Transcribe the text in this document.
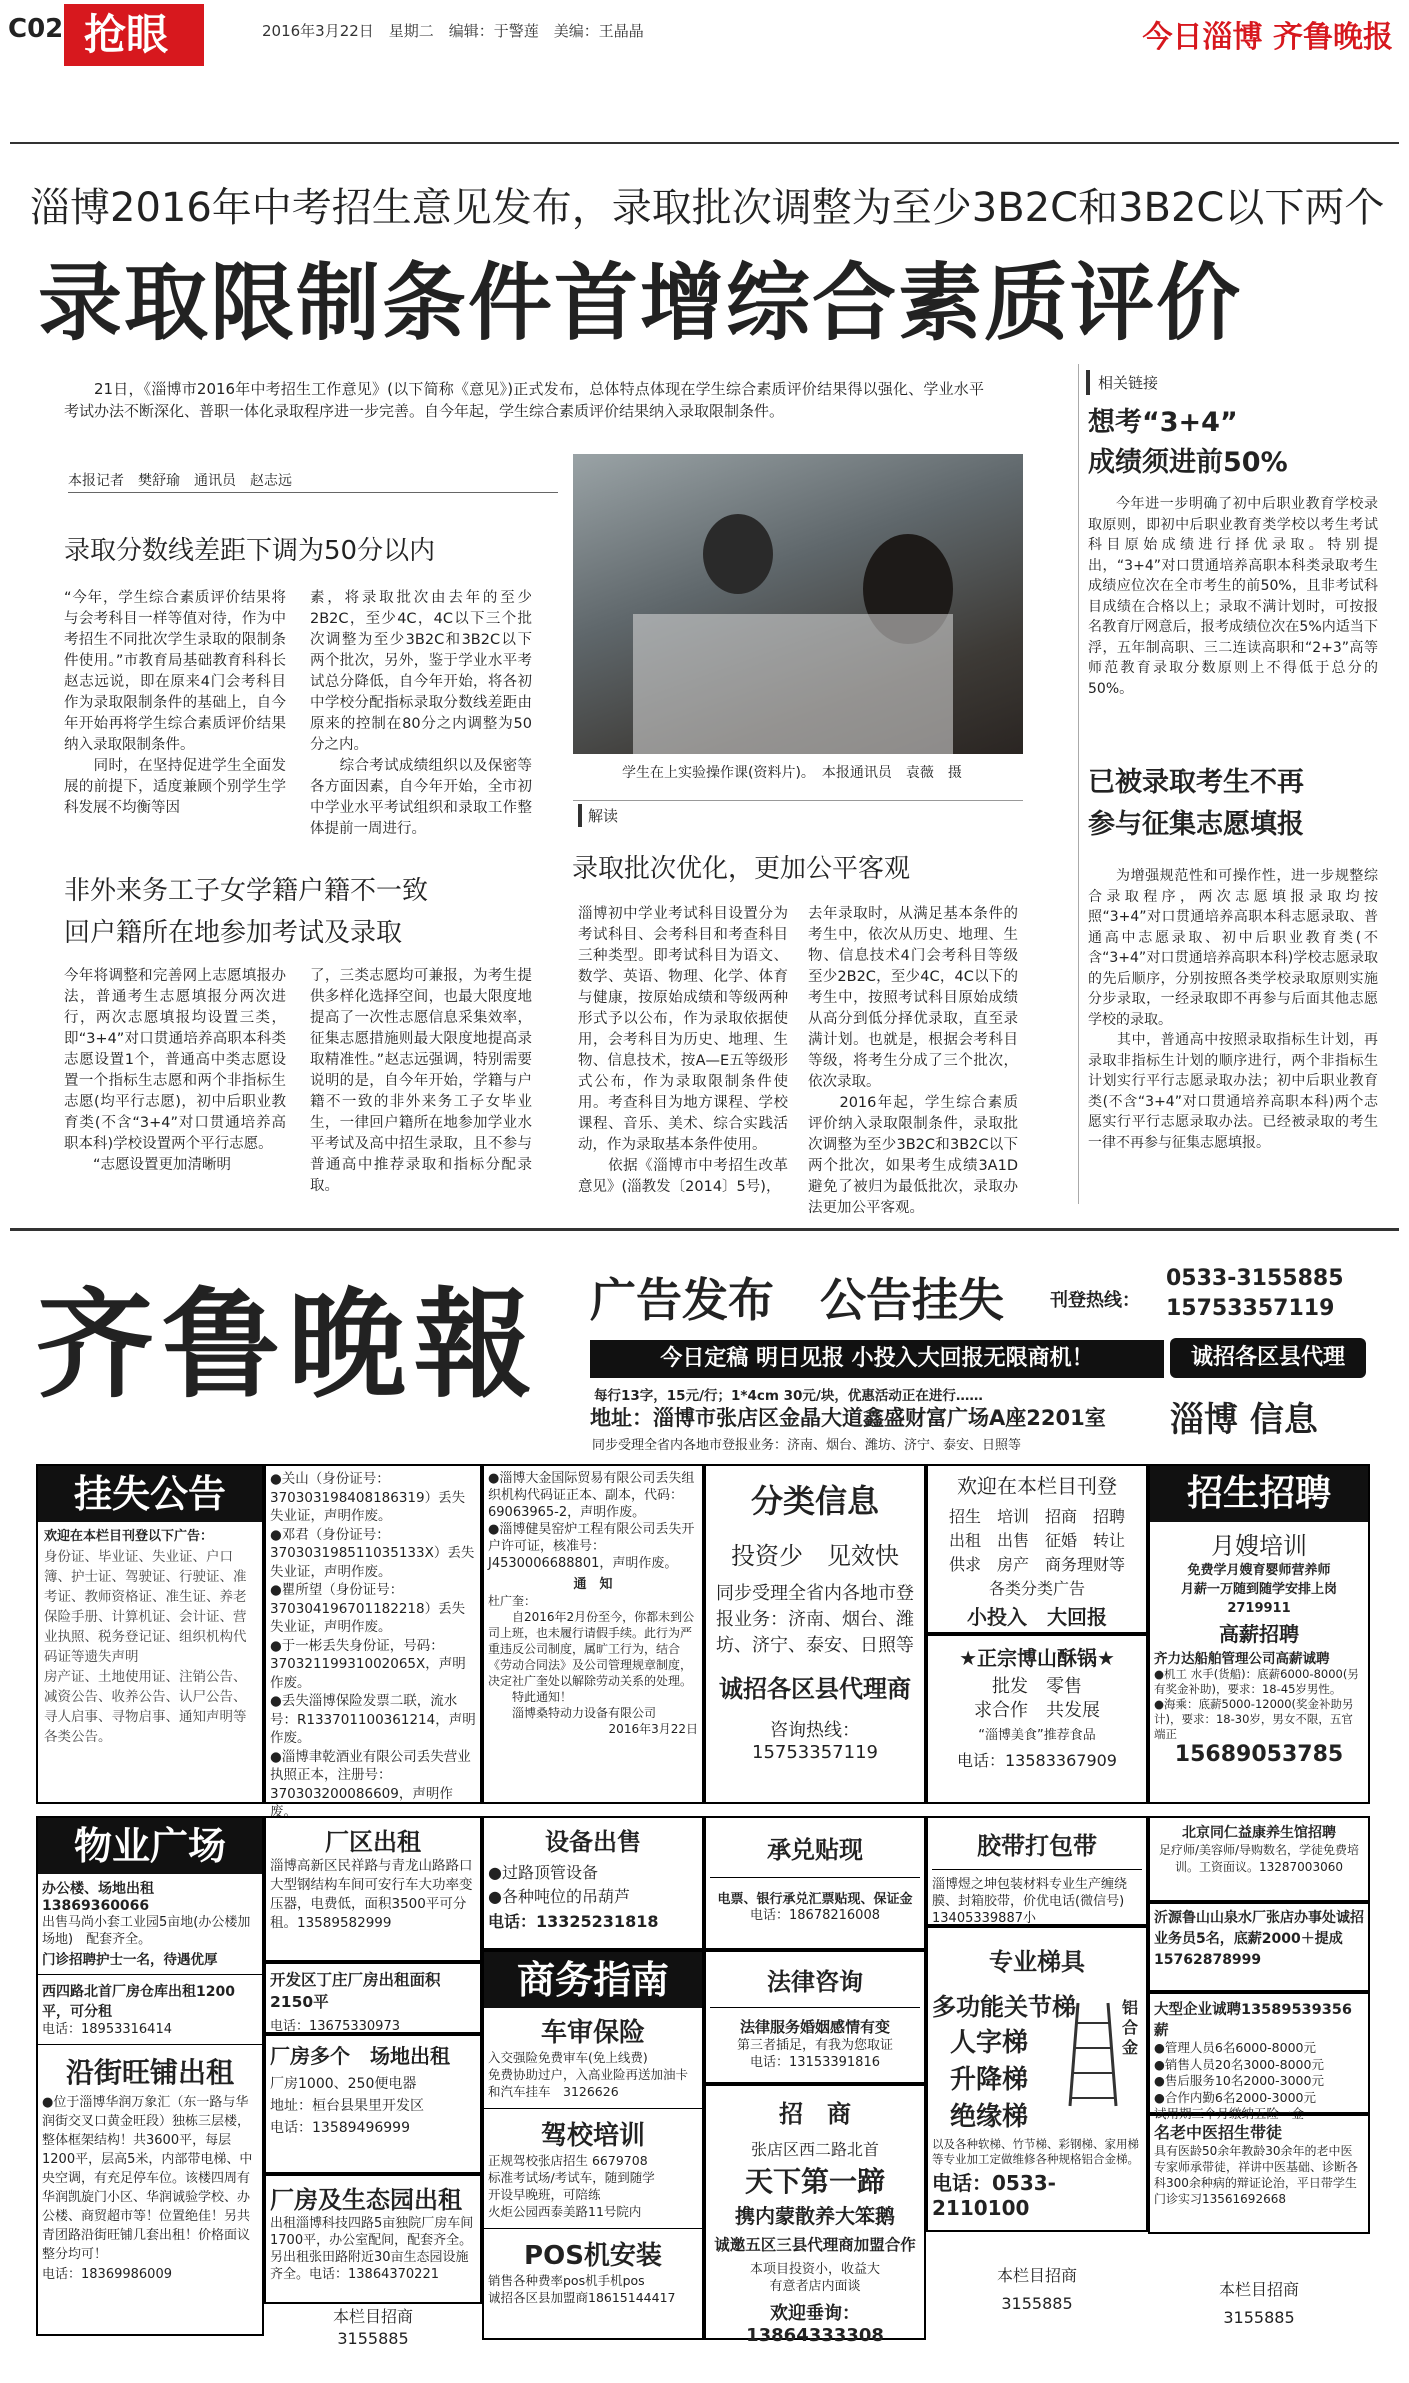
C02 抢眼	2016年3月22日　星期二　编辑：于警莲　美编：王晶晶	今日淄博 齐鲁晚报
淄博2016年中考招生意见发布，录取批次调整为至少3B2C和3B2C以下两个
录取限制条件首增综合素质评价
21日，《淄博市2016年中考招生工作意见》(以下简称《意见》)正式发布，总体特点体现在学生综合素质评价结果得以强化、学业水平考试办法不断深化、普职一体化录取程序进一步完善。自今年起，学生综合素质评价结果纳入录取限制条件。
本报记者　樊舒瑜　通讯员　赵志远
录取分数线差距下调为50分以内
“今年，学生综合素质评价结果将与会考科目一样等值对待，作为中考招生不同批次学生录取的限制条件使用。”市教育局基础教育科科长赵志远说，即在原来4门会考科目作为录取限制条件的基础上，自今年开始再将学生综合素质评价结果纳入录取限制条件。
　　同时，在坚持促进学生全面发展的前提下，适度兼顾个别学生学科发展不均衡等因
素，将录取批次由去年的至少2B2C，至少4C，4C以下三个批次调整为至少3B2C和3B2C以下两个批次，另外，鉴于学业水平考试总分降低，自今年开始，将各初中学校分配指标录取分数线差距由原来的控制在80分之内调整为50分之内。
　　综合考试成绩组织以及保密等各方面因素，自今年开始，全市初中学业水平考试组织和录取工作整体提前一周进行。
学生在上实验操作课(资料片)。　本报通讯员　袁薇　摄
非外来务工子女学籍户籍不一致
回户籍所在地参加考试及录取
今年将调整和完善网上志愿填报办法，普通考生志愿填报分两次进行，两次志愿填报均设置三类，即“3+4”对口贯通培养高职本科类志愿设置1个，普通高中类志愿设置一个指标生志愿和两个非指标生志愿(均平行志愿)，初中后职业教育类(不含“3+4”对口贯通培养高职本科)学校设置两个平行志愿。
　　“志愿设置更加清晰明
了，三类志愿均可兼报，为考生提供多样化选择空间，也最大限度地提高了一次性志愿信息采集效率，征集志愿措施则最大限度地提高录取精准性。”赵志远强调，特别需要说明的是，自今年开始，学籍与户籍不一致的非外来务工子女毕业生，一律回户籍所在地参加学业水平考试及高中招生录取，且不参与普通高中推荐录取和指标分配录取。
解读
录取批次优化，更加公平客观
淄博初中学业考试科目设置分为考试科目、会考科目和考查科目三种类型。即考试科目为语文、数学、英语、物理、化学、体育与健康，按原始成绩和等级两种形式予以公布，作为录取依据使用，会考科目为历史、地理、生物、信息技术，按A—E五等级形式公布，作为录取限制条件使用。考查科目为地方课程、学校课程、音乐、美术、综合实践活动，作为录取基本条件使用。
　　依据《淄博市中考招生改革意见》(淄教发〔2014〕5号)，
去年录取时，从满足基本条件的考生中，依次从历史、地理、生物、信息技术4门会考科目等级至少2B2C，至少4C，4C以下的考生中，按照考试科目原始成绩从高分到低分择优录取，直至录满计划。也就是，根据会考科目等级，将考生分成了三个批次，依次录取。
　　2016年起，学生综合素质评价纳入录取限制条件，录取批次调整为至少3B2C和3B2C以下两个批次，如果考生成绩3A1D避免了被归为最低批次，录取办法更加公平客观。
相关链接
想考“3+4”
成绩须进前50%
今年进一步明确了初中后职业教育学校录取原则，即初中后职业教育类学校以考生考试科目原始成绩进行择优录取。特别提出，“3+4”对口贯通培养高职本科类录取考生成绩应位次在全市考生的前50%，且非考试科目成绩在合格以上；录取不满计划时，可按报名教育厅网意后，报考成绩位次在5%内适当下浮，五年制高职、三二连读高职和“2+3”高等师范教育录取分数原则上不得低于总分的50%。
已被录取考生不再
参与征集志愿填报
为增强规范性和可操作性，进一步规整综合录取程序，两次志愿填报录取均按照“3+4”对口贯通培养高职本科志愿录取、普通高中志愿录取、初中后职业教育类(不含“3+4”对口贯通培养高职本科)学校志愿录取的先后顺序，分别按照各类学校录取原则实施分步录取，一经录取即不再参与后面其他志愿学校的录取。
　　其中，普通高中按照录取指标生计划，再录取非指标生计划的顺序进行，两个非指标生计划实行平行志愿录取办法；初中后职业教育类(不含“3+4”对口贯通培养高职本科)两个志愿实行平行志愿录取办法。已经被录取的考生一律不再参与征集志愿填报。
齐鲁晚報 广告发布　公告挂失	刊登热线：
0533-3155885
15753357119
今日定稿 明日见报 小投入大回报无限商机！	诚招各区县代理
每行13字，15元/行；1*4cm 30元/块，优惠活动正在进行……
地址：淄博市张店区金晶大道鑫盛财富广场A座2201室
同步受理全省内各地市登报业务：济南、烟台、潍坊、济宁、泰安、日照等
淄博 信息
挂失公告
欢迎在本栏目刊登以下广告：
身份证、毕业证、失业证、户口簿、护士证、驾驶证、行驶证、准考证、教师资格证、准生证、养老保险手册、计算机证、会计证、营业执照、税务登记证、组织机构代码证等遗失声明
房产证、土地使用证、注销公告、减资公告、收养公告、认尸公告、寻人启事、寻物启事、通知声明等各类公告。
●关山（身份证号：370303198408186319）丢失失业证，声明作废。
●邓君（身份证号：370303198511035133X）丢失失业证，声明作废。
●瞿所望（身份证号：370304196701182218）丢失失业证，声明作废。
●于一彬丢失身份证，号码：37032119931002065X，声明作废。
●丢失淄博保险发票二联，流水号：R133701100361214，声明作废。
●淄博聿乾酒业有限公司丢失营业执照正本，注册号：370303200086609，声明作废。
●淄博大金国际贸易有限公司丢失组织机构代码证正本、副本，代码：69063965-2，声明作废。
●淄博健昊窑炉工程有限公司丢失开户许可证，核准号：J4530006688801，声明作废。
通　知
杜广奎：
　　自2016年2月份至今，你都未到公司上班，也未履行请假手续。此行为严重违反公司制度，属旷工行为，结合《劳动合同法》及公司管理规章制度，决定社广奎处以解除劳动关系的处理。
　　特此通知！
　　淄博桑特动力设备有限公司
2016年3月22日
分类信息
投资少　见效快
同步受理全省内各地市登报业务：济南、烟台、潍坊、济宁、泰安、日照等
诚招各区县代理商
咨询热线：15753357119
欢迎在本栏目刊登
招生　培训　招商　招聘
出租　出售　征婚　转让
供求　房产　商务理财等
各类分类广告
小投入　大回报
★正宗博山酥锅★
批发　零售
求合作　共发展
“淄博美食”推荐食品
电话：13583367909
招生招聘
月嫂培训
免费学月嫂育婴师营养师
月薪一万随到随学安排上岗2719911
高薪招聘
齐力达船舶管理公司高薪诚聘
●机工 水手(货船)：底薪6000-8000(另有奖金补助)，要求：18-45岁男性。
●海乘：底薪5000-12000(奖金补助另计)，要求：18-30岁，男女不限，五官端正
15689053785
物业广场
办公楼、场地出租13869360066
出售马尚小套工业园5亩地(办公楼加场地)　配套齐全。
门诊招聘护士一名，待遇优厚
西四路北首厂房仓库出租1200平，可分租
电话：18953316414
沿街旺铺出租
●位于淄博华润万象汇（东一路与华润街交叉口黄金旺段）独栋三层楼，整体框架结构！共3600平，每层1200平，层高5米，内部带电梯、中央空调，有充足停车位。该楼四周有华润凯旋门小区、华润诚验学校、办公楼、商贸超市等！位置绝佳！另共青团路沿街旺铺几套出租！价格面议整分均可！
电话：18369986009
厂区出租
淄博高新区民祥路与青龙山路路口大型钢结构车间可安行车大功率变压器，电费低，面积3500平可分租。13589582999
开发区丁庄厂房出租面积2150平
电话：13675330973
厂房多个　场地出租
厂房1000、250便电器
地址：桓台县果里开发区
电话：13589496999
厂房及生态园出租
出租淄博科技四路5亩独院厂房车间1700平，办公室配间，配套齐全。另出租张田路附近30亩生态园设施齐全。电话：13864370221
本栏目招商
3155885
设备出售
●过路顶管设备
●各种吨位的吊葫芦
电话：13325231818
商务指南
车审保险
入交强险免费审车(免上线费)
免费协助过户，入高业险再送加油卡和汽车挂车　3126626
驾校培训
正规驾校张店招生 6679708
标准考试场/考试车，随到随学
开设早晚班，可陪练
火炬公园西泰美路11号院内
POS机安装
销售各种费率pos机手机pos
诚招各区县加盟商18615144417
承兑贴现
电票、银行承兑汇票贴现、保证金
电话：18678216008
法律咨询
法律服务婚姻感情有变
第三者插足，有我为您取证
电话：13153391816
招　商
张店区西二路北首
天下第一蹄
携内蒙散养大笨鹅
诚邀五区三县代理商加盟合作
本项目投资小，收益大
有意者店内面谈
欢迎垂询：13864333308
胶带打包带
淄博煜之坤包装材料专业生产缠绕膜、封箱胶带，价优电话(微信号) 13405339887小
专业梯具
多功能关节梯
人字梯
升降梯
绝缘梯
铝合金
以及各种软梯、竹节梯、彩钢梯、家用梯等专业加工定做维修各种规格铝合金梯。
电话：0533-2110100
本栏目招商
3155885
北京同仁益康养生馆招聘
足疗师/美容师/导购数名，学徒免费培训。工资面议。13287003060
沂源鲁山山泉水厂张店办事处诚招业务员5名，底薪2000＋提成　15762878999
大型企业诚聘13589539356薪
●管理人员6名6000-8000元
●销售人员20名3000-8000元
●售后服务10名2000-3000元
●合作内勤6名2000-3000元
试用期三个月缴纳五险一金
名老中医招生带徒
具有医龄50余年教龄30余年的老中医专家师承带徒，祥讲中医基础、诊断各科300余种病的辩证论治，平日带学生门诊实习13561692668
本栏目招商
3155885
